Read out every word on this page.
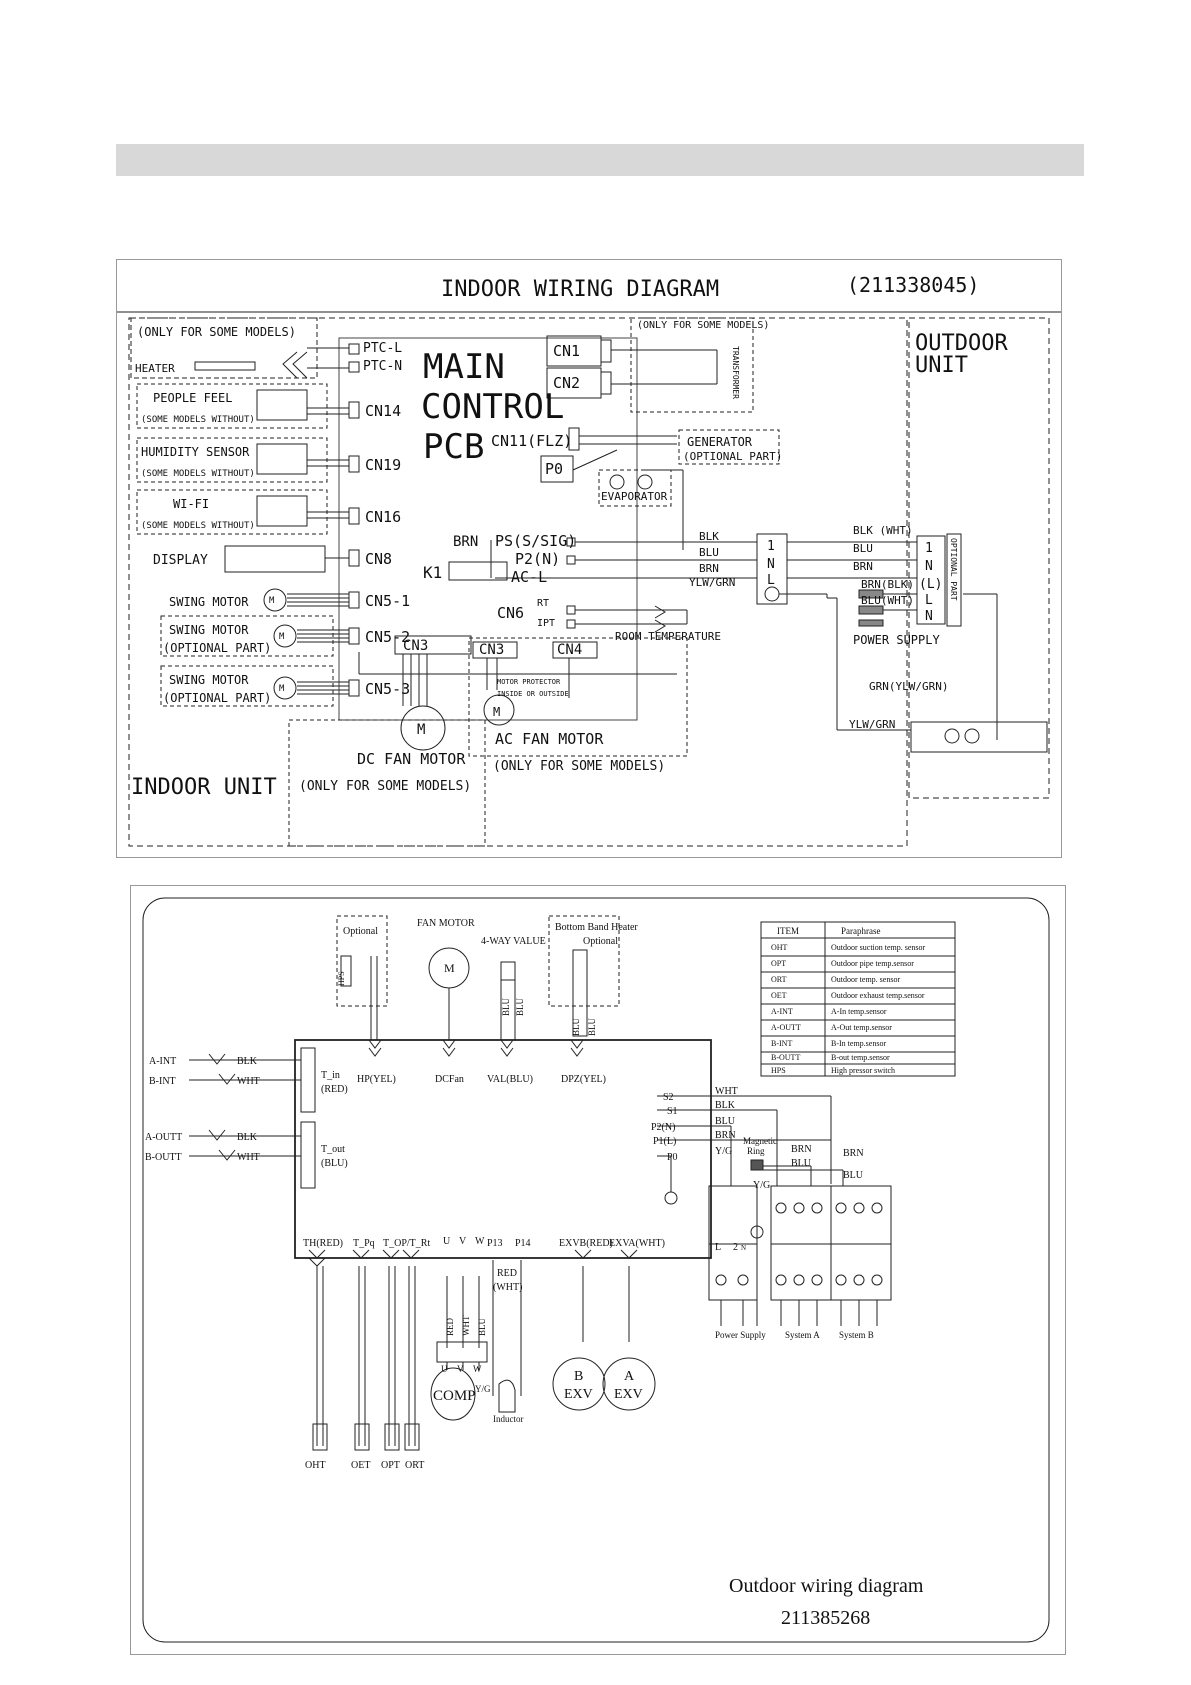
INDOOR WIRING DIAGRAM	(211338045)
(ONLY FOR SOME MODELS)
HEATER
PTC-L
PTC-N MAIN
CONTROL
PCB
PEOPLE FEEL
(SOME MODELS WITHOUT)
HUMIDITY SENSOR
(SOME MODELS WITHOUT)
WI-FI
(SOME MODELS WITHOUT)
DISPLAY
SWING MOTOR
SWING MOTOR
(OPTIONAL PART)
SWING MOTOR
(OPTIONAL PART)
CN14
CN19
CN16
CN8
CN5-1
CN5-2
CN5-3
CN1
CN2
(ONLY FOR SOME MODELS)
TRANSFORMER
CN11(FLZ)	GENERATOR
(OPTIONAL PART)
P0
EVAPORATOR
BRN
K1
PS(S/SIG)
P2(N)
AC-L
CN6
RT
IPT
ROOM TEMPERATURE
BLK
BLU
BRN
YLW/GRN
1
N
L
OUTDOOR
UNIT
BLK (WHT)
BLU
BRN
BRN(BLK)
BLU(WHT)
1
N
(L)
L
N
OPTIONAL PART
POWER SUPPLY
GRN(YLW/GRN)
YLW/GRN
MOTOR PROTECTOR
INSIDE OR OUTSIDE
M
M
M
M
M
CN3	CN4
CN3
AC FAN MOTOR
(ONLY FOR SOME MODELS)
DC FAN MOTOR
(ONLY FOR SOME MODELS)
INDOOR UNIT
Optional
HPS
FAN MOTOR
M
4-WAY VALUE
Bottom Band Heater
Optional
BLU BLU
BLU BLU
HP(YEL)	DCFan VAL(BLU)	DPZ(YEL)
A-INT	BLK
B-INT	WHT
A-OUTT	BLK
B-OUTT	WHT
T_in
(RED)
T_out
(BLU)
S2
WHT
S1
BLK
P2(N)
BLU
P1(L)
BRN
P0
Y/G
Magnetic
Ring	BRN
BLU
BRN
BLU
Y/G
L 2 N
Power Supply System A System B
TH(RED) T_Pq T_OP/T_Rt	EXVB(RED)
EXVA(WHT)
U V W P13 P14
RED WHT BLU
RED
(WHT)
U V W
COMP Y/G
Inductor
B
EXV
A
EXV
OHT	OET OPT ORT
ITEM	Paraphrase
OHT	Outdoor suction temp. sensor
OPT	Outdoor pipe temp.sensor
ORT	Outdoor temp. sensor
OET	Outdoor exhaust temp.sensor
A-INT	A-In temp.sensor
A-OUTT	A-Out temp.sensor
B-INT	B-In temp.sensor
B-OUTT	B-out temp.sensor
HPS	High pressor switch
Outdoor wiring diagram
211385268
